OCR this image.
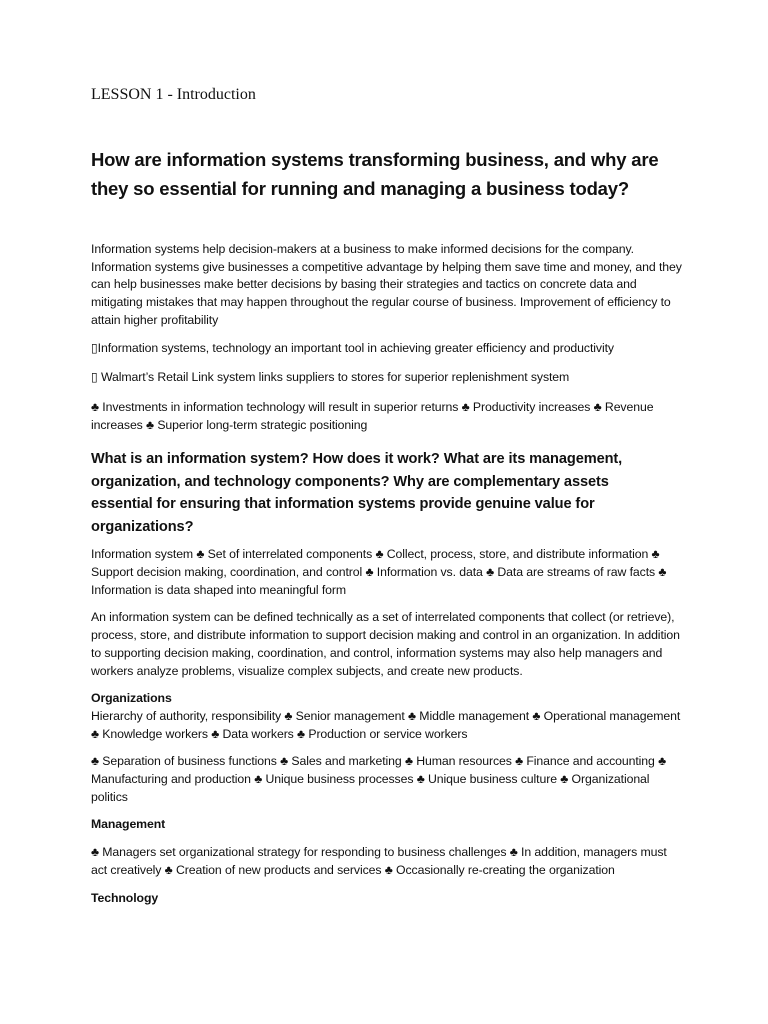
LESSON 1 - Introduction
How are information systems transforming business, and why are they so essential for running and managing a business today?

Information systems help decision-makers at a business to make informed decisions for the company. Information systems give businesses a competitive advantage by helping them save time and money, and they can help businesses make better decisions by basing their strategies and tactics on concrete data and mitigating mistakes that may happen throughout the regular course of business. Improvement of efficiency to attain higher profitability

▯Information systems, technology an important tool in achieving greater efficiency and productivity

▯ Walmart’s Retail Link system links suppliers to stores for superior replenishment system

♣ Investments in information technology will result in superior returns ♣ Productivity increases ♣ Revenue increases ♣ Superior long-term strategic positioning

What is an information system? How does it work? What are its management, organization, and technology components? Why are complementary assets essential for ensuring that information systems provide genuine value for organizations?

Information system ♣ Set of interrelated components ♣ Collect, process, store, and distribute information ♣ Support decision making, coordination, and control ♣ Information vs. data ♣ Data are streams of raw facts ♣ Information is data shaped into meaningful form

An information system can be defined technically as a set of interrelated components that collect (or retrieve), process, store, and distribute information to support decision making and control in an organization. In addition to supporting decision making, coordination, and control, information systems may also help managers and workers analyze problems, visualize complex subjects, and create new products.

Organizations
Hierarchy of authority, responsibility ♣ Senior management ♣ Middle management ♣ Operational management ♣ Knowledge workers ♣ Data workers ♣ Production or service workers

♣ Separation of business functions ♣ Sales and marketing ♣ Human resources ♣ Finance and accounting ♣ Manufacturing and production ♣ Unique business processes ♣ Unique business culture ♣ Organizational politics

Management

♣ Managers set organizational strategy for responding to business challenges ♣ In addition, managers must act creatively ♣ Creation of new products and services ♣ Occasionally re-creating the organization

Technology
